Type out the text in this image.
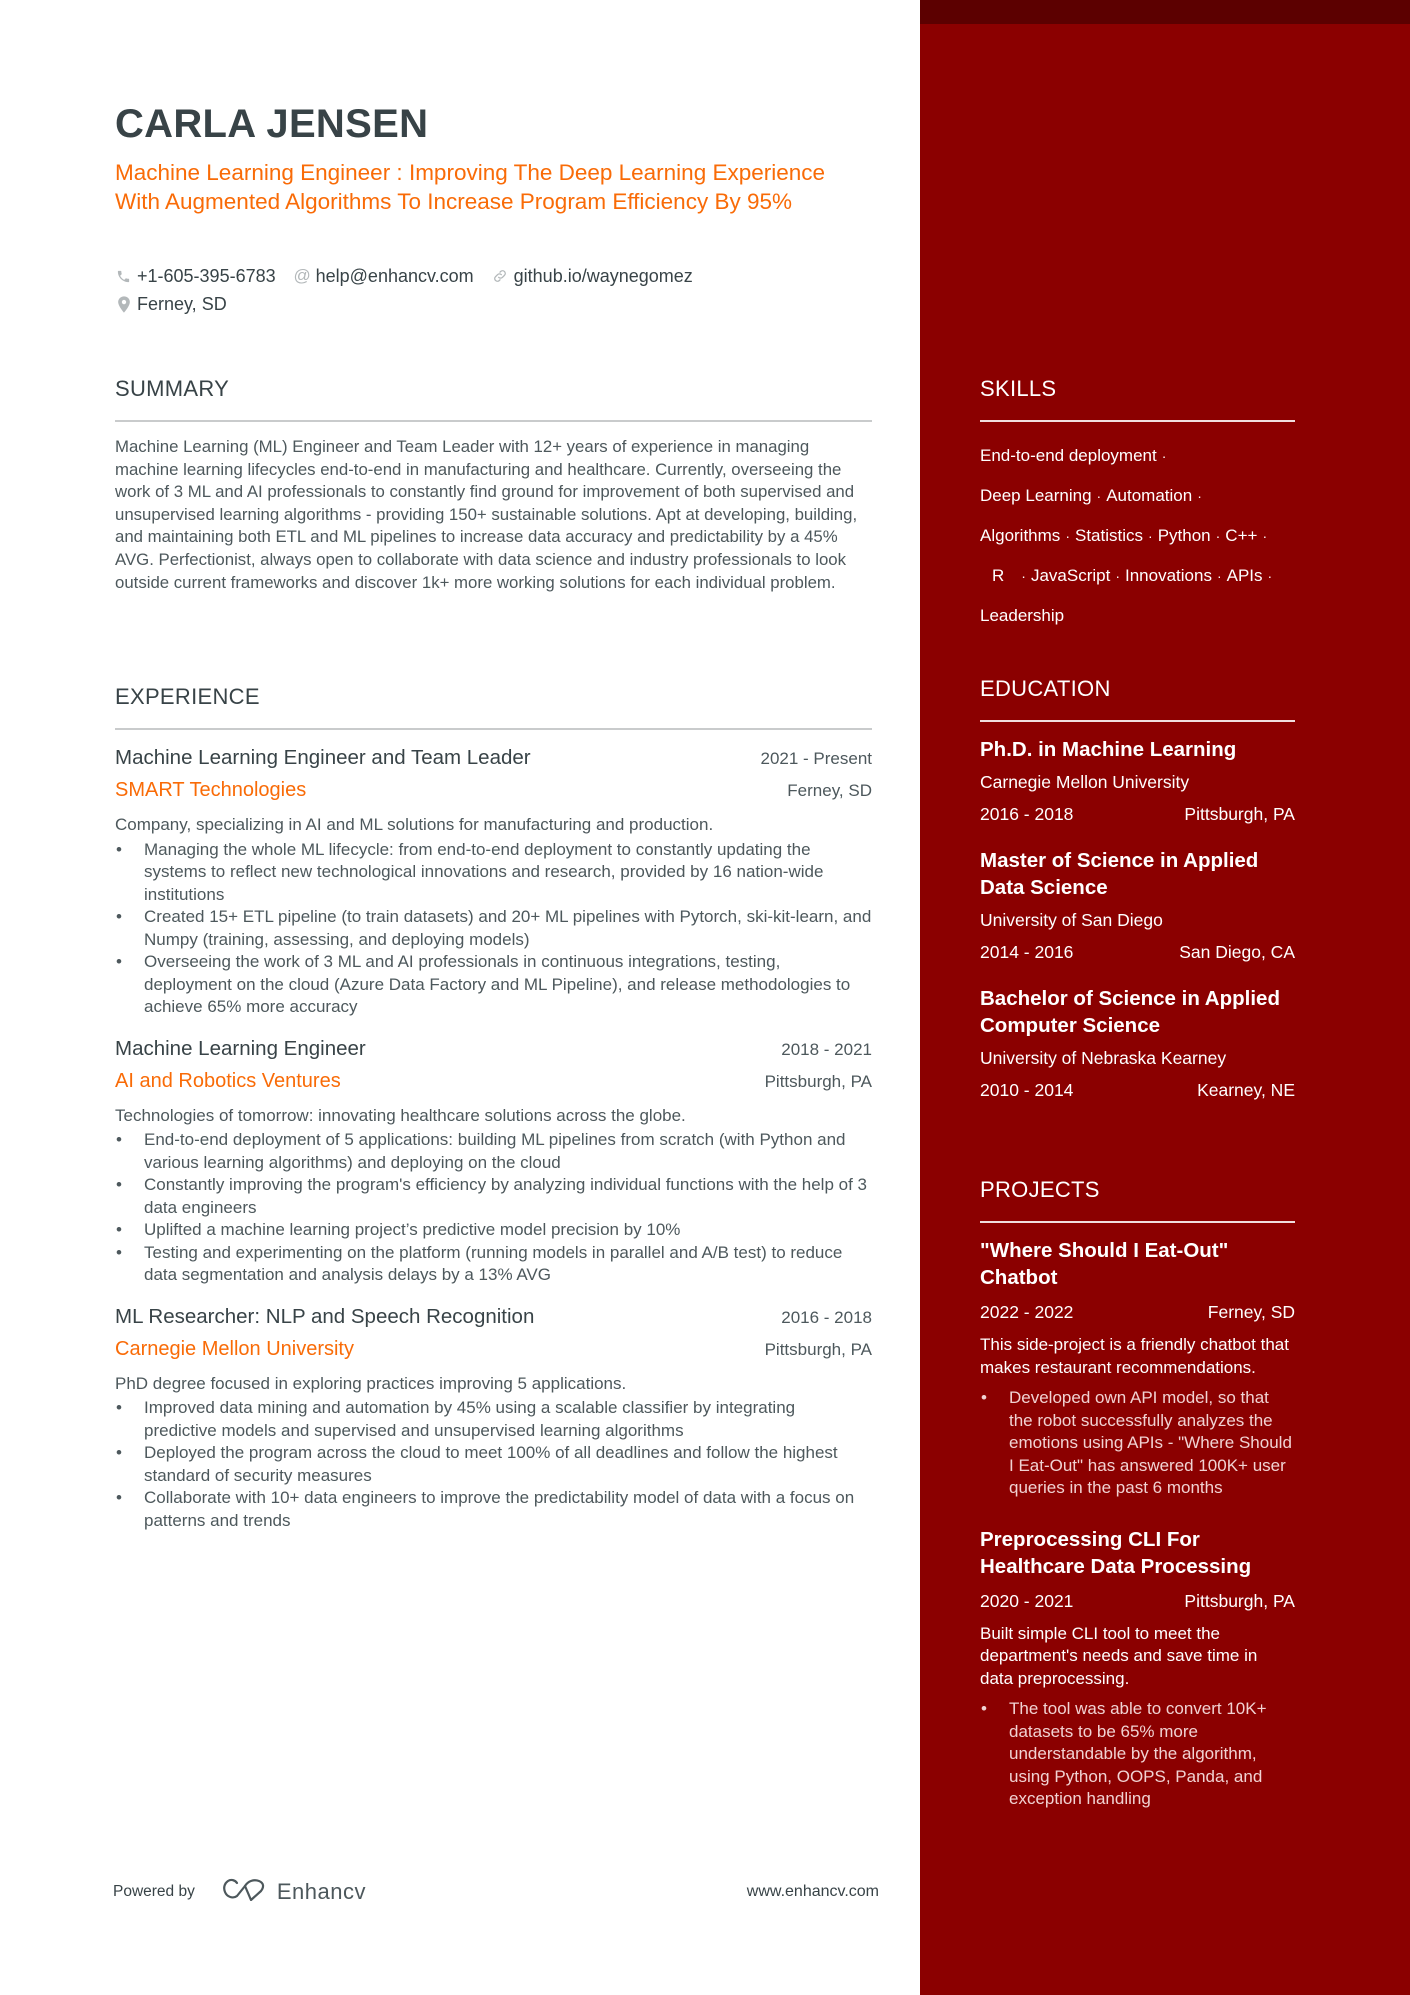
CARLA JENSEN
Machine Learning Engineer : Improving The Deep Learning Experience With Augmented Algorithms To Increase Program Efficiency By 95%
+1-605-395-6783 @ help@enhancv.com github.io/waynegomez
Ferney, SD
SUMMARY
Machine Learning (ML) Engineer and Team Leader with 12+ years of experience in managing machine learning lifecycles end-to-end in manufacturing and healthcare. Currently, overseeing the work of 3 ML and AI professionals to constantly find ground for improvement of both supervised and unsupervised learning algorithms - providing 150+ sustainable solutions. Apt at developing, building, and maintaining both ETL and ML pipelines to increase data accuracy and predictability by a 45% AVG. Perfectionist, always open to collaborate with data science and industry professionals to look outside current frameworks and discover 1k+ more working solutions for each individual problem.
EXPERIENCE
Machine Learning Engineer and Team Leader	2021 - Present
SMART Technologies	Ferney, SD
Company, specializing in AI and ML solutions for manufacturing and production.
• Managing the whole ML lifecycle: from end-to-end deployment to constantly updating the systems to reflect new technological innovations and research, provided by 16 nation-wide institutions
• Created 15+ ETL pipeline (to train datasets) and 20+ ML pipelines with Pytorch, ski-kit-learn, and Numpy (training, assessing, and deploying models)
• Overseeing the work of 3 ML and AI professionals in continuous integrations, testing, deployment on the cloud (Azure Data Factory and ML Pipeline), and release methodologies to achieve 65% more accuracy
Machine Learning Engineer	2018 - 2021
AI and Robotics Ventures	Pittsburgh, PA
Technologies of tomorrow: innovating healthcare solutions across the globe.
• End-to-end deployment of 5 applications: building ML pipelines from scratch (with Python and various learning algorithms) and deploying on the cloud
• Constantly improving the program's efficiency by analyzing individual functions with the help of 3 data engineers
• Uplifted a machine learning project’s predictive model precision by 10%
• Testing and experimenting on the platform (running models in parallel and A/B test) to reduce data segmentation and analysis delays by a 13% AVG
ML Researcher: NLP and Speech Recognition	2016 - 2018
Carnegie Mellon University	Pittsburgh, PA
PhD degree focused in exploring practices improving 5 applications.
• Improved data mining and automation by 45% using a scalable classifier by integrating predictive models and supervised and unsupervised learning algorithms
• Deployed the program across the cloud to meet 100% of all deadlines and follow the highest standard of security measures
• Collaborate with 10+ data engineers to improve the predictability model of data with a focus on patterns and trends
Powered by	Enhancv	www.enhancv.com
SKILLS
End-to-end deployment ·
Deep Learning · Automation ·
Algorithms · Statistics · Python · C++ ·
R · JavaScript · Innovations · APIs ·
Leadership
EDUCATION
Ph.D. in Machine Learning
Carnegie Mellon University
2016 - 2018	Pittsburgh, PA
Master of Science in Applied Data Science
University of San Diego
2014 - 2016	San Diego, CA
Bachelor of Science in Applied Computer Science
University of Nebraska Kearney
2010 - 2014	Kearney, NE
PROJECTS
"Where Should I Eat-Out" Chatbot
2022 - 2022	Ferney, SD
This side-project is a friendly chatbot that makes restaurant recommendations.
• Developed own API model, so that the robot successfully analyzes the emotions using APIs - "Where Should I Eat-Out" has answered 100K+ user queries in the past 6 months
Preprocessing CLI For Healthcare Data Processing
2020 - 2021	Pittsburgh, PA
Built simple CLI tool to meet the department's needs and save time in data preprocessing.
• The tool was able to convert 10K+ datasets to be 65% more understandable by the algorithm, using Python, OOPS, Panda, and exception handling
